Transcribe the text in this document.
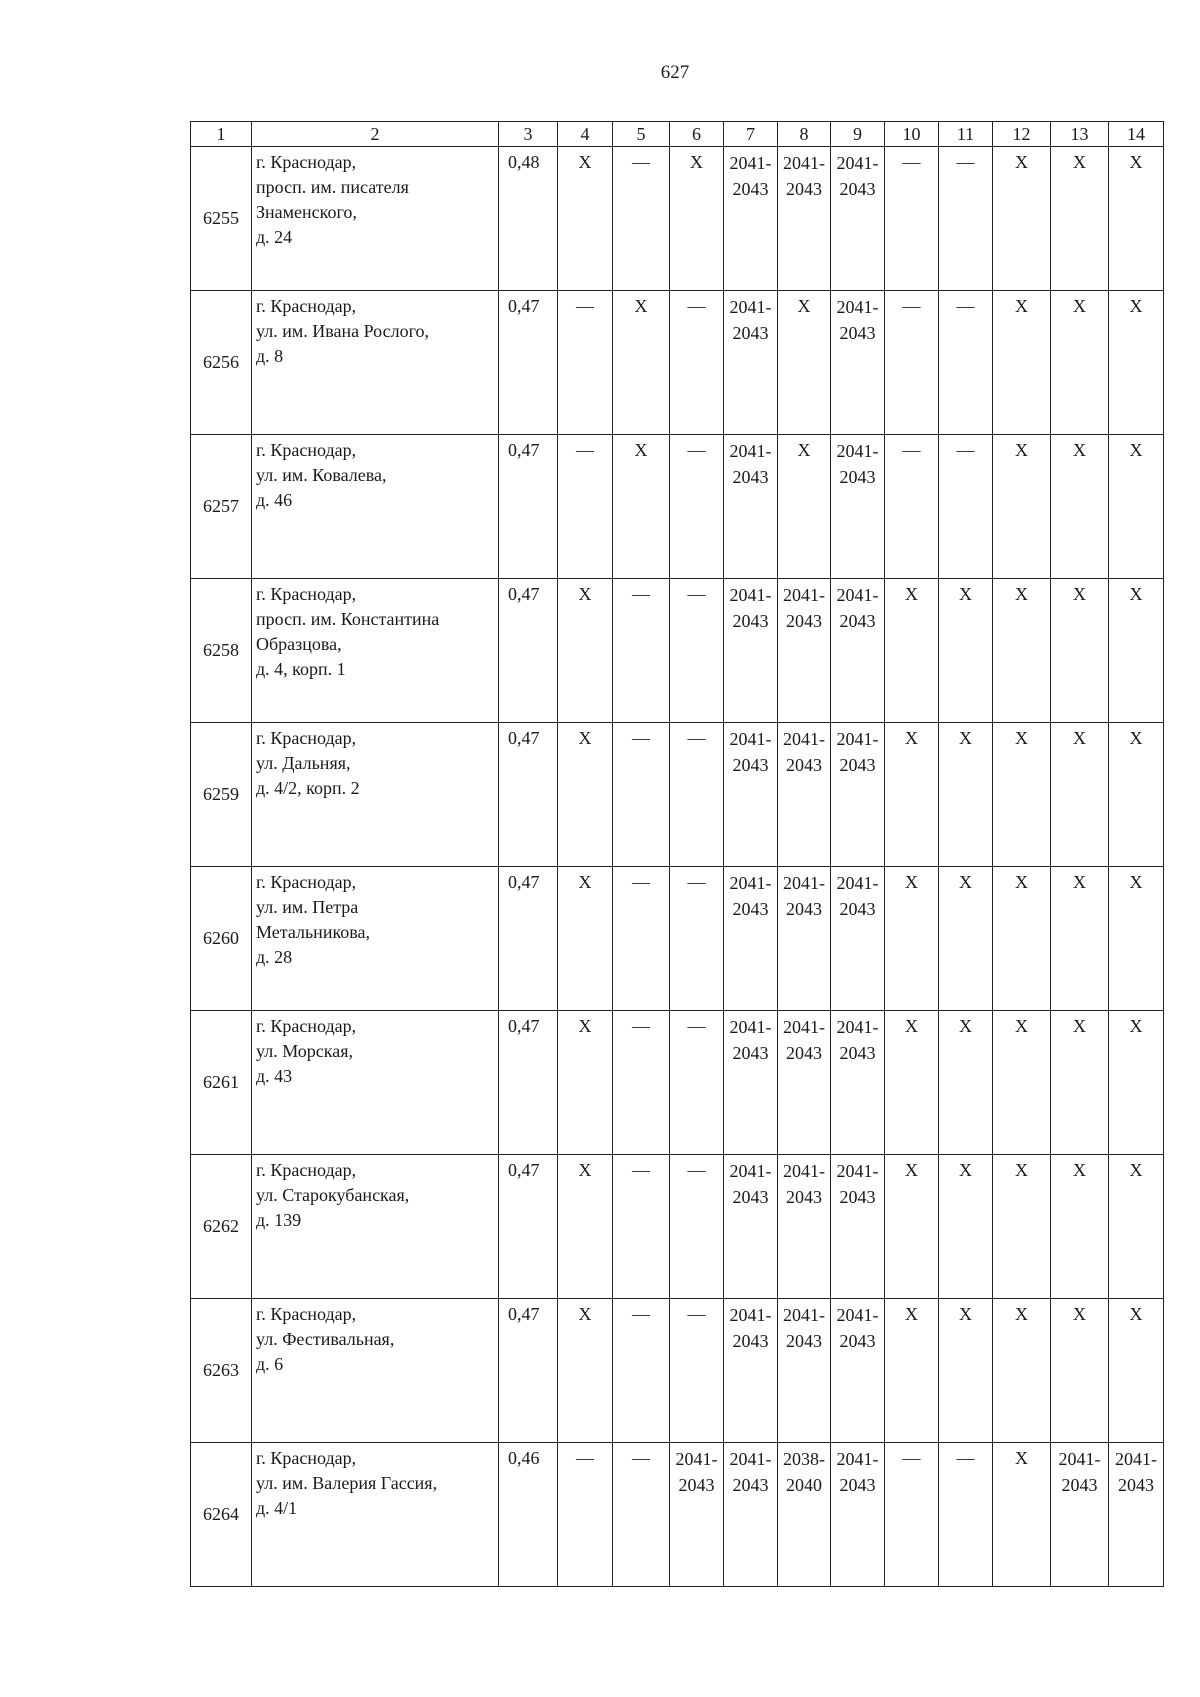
627
1	2	3	4	5	6	7	8	9	10	11	12	13	14
6255	г. Краснодар,
просп. им. писателя
Знаменского,
д. 24	0,48	X	—	X	2041-
2043	2041-
2043	2041-
2043	—	—	X	X	X

6256	г. Краснодар,
ул. им. Ивана Рослого,
д. 8	0,47	—	X	—	2041-
2043	X	2041-
2043	—	—	X	X	X

6257	г. Краснодар,
ул. им. Ковалева,
д. 46	0,47	—	X	—	2041-
2043	X	2041-
2043	—	—	X	X	X

6258	г. Краснодар,
просп. им. Константина
Образцова,
д. 4, корп. 1	0,47	X	—	—	2041-
2043	2041-
2043	2041-
2043	X	X	X	X	X

6259	г. Краснодар,
ул. Дальняя,
д. 4/2, корп. 2	0,47	X	—	—	2041-
2043	2041-
2043	2041-
2043	X	X	X	X	X

6260	г. Краснодар,
ул. им. Петра
Метальникова,
д. 28	0,47	X	—	—	2041-
2043	2041-
2043	2041-
2043	X	X	X	X	X

6261	г. Краснодар,
ул. Морская,
д. 43	0,47	X	—	—	2041-
2043	2041-
2043	2041-
2043	X	X	X	X	X

6262	г. Краснодар,
ул. Старокубанская,
д. 139	0,47	X	—	—	2041-
2043	2041-
2043	2041-
2043	X	X	X	X	X

6263	г. Краснодар,
ул. Фестивальная,
д. 6	0,47	X	—	—	2041-
2043	2041-
2043	2041-
2043	X	X	X	X	X

6264	г. Краснодар,
ул. им. Валерия Гассия,
д. 4/1	0,46	—	—	2041-
2043	2041-
2043	2038-
2040	2041-
2043	—	—	X	2041-
2043	2041-
2043
